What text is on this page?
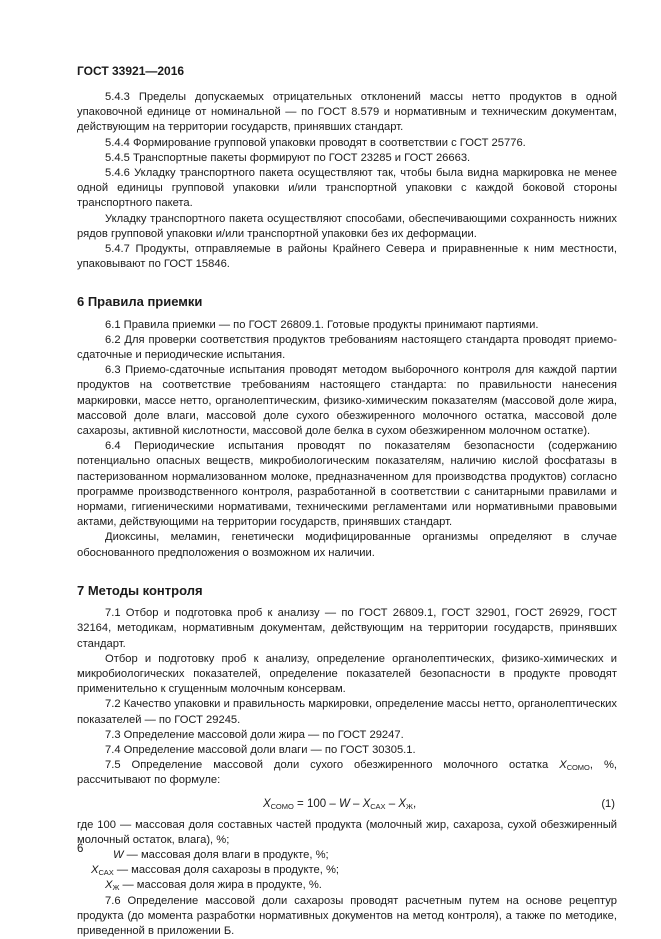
ГОСТ 33921—2016

5.4.3 Пределы допускаемых отрицательных отклонений массы нетто продуктов в одной упаковочной единице от номинальной — по ГОСТ 8.579 и нормативным и техническим документам, действующим на территории государств, принявших стандарт.

5.4.4 Формирование групповой упаковки проводят в соответствии с ГОСТ 25776.

5.4.5 Транспортные пакеты формируют по ГОСТ 23285 и ГОСТ 26663.

5.4.6 Укладку транспортного пакета осуществляют так, чтобы была видна маркировка не менее одной единицы групповой упаковки и/или транспортной упаковки с каждой боковой стороны транспортного пакета.

Укладку транспортного пакета осуществляют способами, обеспечивающими сохранность нижних рядов групповой упаковки и/или транспортной упаковки без их деформации.

5.4.7 Продукты, отправляемые в районы Крайнего Севера и приравненные к ним местности, упаковывают по ГОСТ 15846.

6 Правила приемки

6.1 Правила приемки — по ГОСТ 26809.1. Готовые продукты принимают партиями.

6.2 Для проверки соответствия продуктов требованиям настоящего стандарта проводят приемо-сдаточные и периодические испытания.

6.3 Приемо-сдаточные испытания проводят методом выборочного контроля для каждой партии продуктов на соответствие требованиям настоящего стандарта: по правильности нанесения маркировки, массе нетто, органолептическим, физико-химическим показателям (массовой доле жира, массовой доле влаги, массовой доле сухого обезжиренного молочного остатка, массовой доле сахарозы, активной кислотности, массовой доле белка в сухом обезжиренном молочном остатке).

6.4 Периодические испытания проводят по показателям безопасности (содержанию потенциально опасных веществ, микробиологическим показателям, наличию кислой фосфатазы в пастеризованном нормализованном молоке, предназначенном для производства продуктов) согласно программе производственного контроля, разработанной в соответствии с санитарными правилами и нормами, гигиеническими нормативами, техническими регламентами или нормативными правовыми актами, действующими на территории государств, принявших стандарт.

Диоксины, меламин, генетически модифицированные организмы определяют в случае обоснованного предположения о возможном их наличии.

7 Методы контроля

7.1 Отбор и подготовка проб к анализу — по ГОСТ 26809.1, ГОСТ 32901, ГОСТ 26929, ГОСТ 32164, методикам, нормативным документам, действующим на территории государств, принявших стандарт.

Отбор и подготовку проб к анализу, определение органолептических, физико-химических и микробиологических показателей, определение показателей безопасности в продукте проводят применительно к сгущенным молочным консервам.

7.2 Качество упаковки и правильность маркировки, определение массы нетто, органолептических показателей — по ГОСТ 29245.

7.3 Определение массовой доли жира — по ГОСТ 29247.

7.4 Определение массовой доли влаги — по ГОСТ 30305.1.

7.5 Определение массовой доли сухого обезжиренного молочного остатка $X_{СОМО}$, %, рассчитывают по формуле:

$X_{СОМО} = 100 - W - X_{САХ} - X_Ж$,	(1)

где 100 — массовая доля составных частей продукта (молочный жир, сахароза, сухой обезжиренный молочный остаток, влага), %;

W — массовая доля влаги в продукте, %;

$X_{САХ}$ — массовая доля сахарозы в продукте, %;

$X_Ж$ — массовая доля жира в продукте, %.

7.6 Определение массовой доли сахарозы проводят расчетным путем на основе рецептур продукта (до момента разработки нормативных документов на метод контроля), а также по методике, приведенной в приложении Б.

6
